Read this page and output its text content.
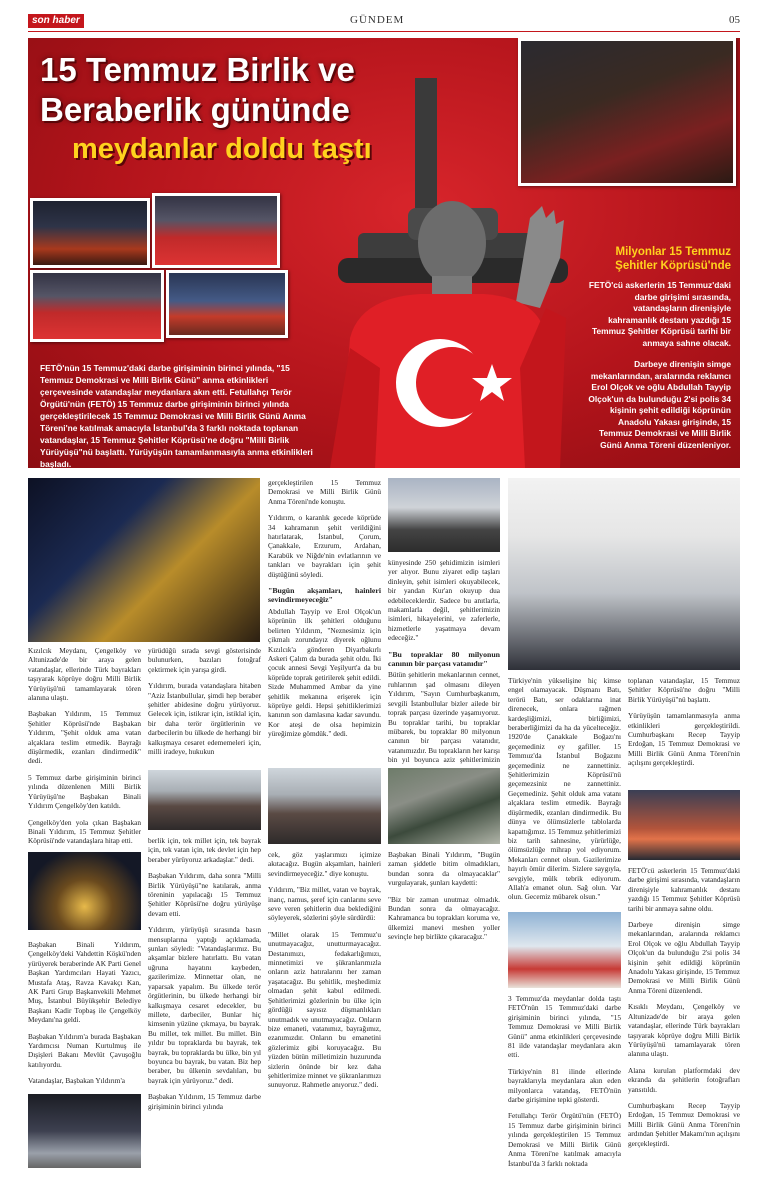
son haber	GÜNDEM	05
15 Temmuz Birlik ve
Beraberlik gününde
meydanlar doldu taştı
FETÖ'nün 15 Temmuz'daki darbe girişiminin birinci yılında, "15 Temmuz Demokrasi ve Milli Birlik Günü" anma etkinlikleri çerçevesinde vatandaşlar meydanlara akın etti. Fetullahçı Terör Örgütü'nün (FETÖ) 15 Temmuz darbe girişiminin birinci yılında gerçekleştirilecek 15 Temmuz Demokrasi ve Milli Birlik Günü Anma Töreni'ne katılmak amacıyla İstanbul'da 3 farklı noktada toplanan vatandaşlar, 15 Temmuz Şehitler Köprüsü'ne doğru "Milli Birlik Yürüyüşü"nü başlattı. Yürüyüşün tamamlanmasıyla anma etkinlikleri başladı.
Milyonlar 15 Temmuz Şehitler Köprüsü'nde

FETÖ'cü askerlerin 15 Temmuz'daki darbe girişimi sırasında, vatandaşların direnişiyle kahramanlık destanı yazdığı 15 Temmuz Şehitler Köprüsü tarihi bir anmaya sahne olacak.

Darbeye direnişin simge mekanlarından, aralarında reklamcı Erol Olçok ve oğlu Abdullah Tayyip Olçok'un da bulunduğu 2'si polis 34 kişinin şehit edildiği köprünün Anadolu Yakası girişinde, 15 Temmuz Demokrasi ve Milli Birlik Günü Anma Töreni düzenleniyor.

Kızılcık Meydanı, Çengelköy ve Altunizade'de bir araya gelen vatandaşlar, ellerinde Türk bayrakları taşıyarak köprüye doğru Milli Birlik Yürüyüşü'nü tamamlayarak tören alanına ulaştı.

Başbakan Yıldırım, 15 Temmuz Şehitler Köprüsü'nde Başbakan Yıldırım, "Şehit olduk ama vatan alçaklara teslim etmedik. Bayrağı düşürmedik, ezanları dindirmedik" dedi.

5 Temmuz darbe girişiminin birinci yılında düzenlenen Milli Birlik Yürüyüşü'ne Başbakan Binali Yıldırım Çengelköy'den katıldı.

Çengelköy'den yola çıkan Başbakan Binali Yıldırım, 15 Temmuz Şehitler Köprüsü'nde vatandaşlara hitap etti.

Başbakan Binali Yıldırım, Çengelköy'deki Vahdettin Köşkü'nden yürüyerek beraberinde AK Parti Genel Başkan Yardımcıları Hayati Yazıcı, Mustafa Ataş, Ravza Kavakçı Kan, AK Parti Grup Başkanvekili Mehmet Muş, İstanbul Büyükşehir Belediye Başkanı Kadir Topbaş ile Çengelköy Meydanı'na geldi.

Başbakan Yıldırım'a burada Başbakan Yardımcısı Numan Kurtulmuş ile Dışişleri Bakanı Mevlüt Çavuşoğlu katılıyordu.

Vatandaşlar, Başbakan Yıldırım'a

yürüdüğü sırada sevgi gösterisinde bulunurken, bazıları fotoğraf çektirmek için yarışa girdi.

Yıldırım, burada vatandaşlara hitaben "Aziz İstanbullular, şimdi hep beraber şehitler abidesine doğru yürüyoruz. Gelecek için, istikrar için, istiklal için, bir daha terör örgütlerinin ve darbecilerin bu ülkede de herhangi bir kalkışmaya cesaret edememeleri için, milli iradeye, hukukun

berlik için, tek millet için, tek bayrak için, tek vatan için, tek devlet için hep beraber yürüyoruz arkadaşlar." dedi.

Başbakan Yıldırım, daha sonra "Milli Birlik Yürüyüşü"ne katılarak, anma töreninin yapılacağı 15 Temmuz Şehitler Köprüsü'ne doğru yürüyüşe devam etti.

Yıldırım, yürüyüşü sırasında basın mensuplarına yaptığı açıklamada, şunları söyledi: "Vatandaşlarımız. Bu akşamlar bizlere hatırlattı. Bu vatan uğruna hayatını kaybeden, gazilerimize. Minnettar olan, ne yaparsak yapalım. Bu ülkede terör örgütlerinin, bu ülkede herhangi bir kalkışmaya cesaret edecekler, bu millete, darbeciler, Bunlar hiç kimsenin yüzüne çıkmaya, bu bayrak. Bu millet, tek millet. Bu millet. Bin yıldır bu topraklarda bu bayrak, tek bayrak, bu topraklarda bu ülke, bin yıl boyunca bu bayrak, bu vatan. Biz hep beraber, bu ülkenin sevdalıları, bu bayrak için yürüyoruz." dedi.

Başbakan Yıldırım, 15 Temmuz darbe girişiminin birinci yılında

gerçekleştirilen 15 Temmuz Demokrasi ve Milli Birlik Günü Anma Töreni'nde konuştu.

Yıldırım, o karanlık gecede köprüde 34 kahramanın şehit verildiğini hatırlatarak, İstanbul, Çorum, Çanakkale, Erzurum, Ardahan, Karabük ve Niğde'nin evlatlarının ve tankları ve bayrakları için şehit düştüğünü söyledi.

"Bugün akşamları, hainleri sevindirmeyeceğiz"

Abdullah Tayyip ve Erol Olçok'un köprünün ilk şehitleri olduğunu belirten Yıldırım, "Neznesimiz için çikmalı zorundayız diyerek oğlunu Kızılcık'a gönderen Diyarbakırlı Askeri Çalım da burada şehit oldu. İki çocuk annesi Sevgi Yeşilyurt'a da bu köprüde toprak getirilerek şehit edildi. Sizde Muhammed Ambar da yine şehitlik mekanına erişerek için köprüye geldi. Hepsi şehitliklerimizi kanının son damlasına kadar savundu. Kor ateşi de olsa hepimizin yüreğimize gömdük." dedi.

cek, göz yaşlarımızı içimize akıtacağız. Bugün akşamları, hainleri sevindirmeyeceğiz." diye konuştu.

Yıldırım, "Biz millet, vatan ve bayrak, inanç, namus, şeref için canlarını seve seve veren şehitlerin dua beklediğini söyleyerek, sözlerini şöyle sürdürdü:

"Millet olarak 15 Temmuz'u unutmayacağız, unutturmayacağız. Destanımızı, fedakarlığımızı, minnetimizi ve şükranlarımızla onların aziz hatıralarını her zaman yaşatacağız. Bu şehitlik, meşhedimiz olmadan şehit kabul edilmedi. Şehitlerimizi gözlerinin bu ülke için gördüğü sayısız düşmanlıkları unutmadık ve unutmayacağız. Onların bize emaneti, vatanımız, bayrağımız, ezanımızdır. Onların bu emanetini gözlerimiz gibi koruyacağız. Bu yüzden bütün milletimizin huzurunda sizlerin önünde bir kez daha şehitlerimize minnet ve şükranlarımızı sunuyoruz. Rahmetle anıyoruz." dedi.

künyesinde 250 şehidimizin isimleri yer alıyor. Bunu ziyaret edip taşları dinleyin, şehit isimleri okuyabilecek, bir yandan Kur'an okuyup dua edebileceklerdir. Sadece bu anıtlarla, makamlarla değil, şehitlerimizin isimleri, hikayelerini, ve zaferlerle, hizmetlerle yaşatmaya devam edeceğiz."

"Bu topraklar 80 milyonun canının bir parçası vatanıdır"

Bütün şehitlerin mekanlarının cennet, ruhlarının şad olmasını dileyen Yıldırım, "Sayın Cumhurbaşkanım, sevgili İstanbullular bizler ailede bir toprak parçası üzerinde yaşamıyoruz. Bu topraklar tarihi, bu topraklar mübarek, bu topraklar 80 milyonun canının bir parçası vatanıdır, vatanımızdır. Bu toprakların her karışı bin yıl boyunca aziz şehitlerimizin

Başbakan Binali Yıldırım, "Bugün zaman şiddetle bitim olmadıkları, bundan sonra da olmayacaklar" vurgulayarak, şunları kaydetti:

"Biz bir zaman unutmaz olmadık. Bundan sonra da olmayacağız. Kahramanca bu toprakları koruma ve, ülkemizi manevi meshen yoller sevinçle hep birlikte çıkaracağız."

Türkiye'nin yükselişine hiç kimse engel olamayacak. Düşmanı Batı, terörü Batı, ser odaklarına inat direnecek, onlara rağmen kardeşliğimizi, birliğimizi, beraberliğimizi da ha da yücelteceğiz. 1920'de Çanakkale Boğazı'nı geçemediniz ey gafiller. 15 Temmuz'da İstanbul Boğazını geçemediniz ne zannettiniz. Şehitlerimizin Köprüsü'nü geçemezsiniz ne zannettiniz. Geçemediniz. Şehit olduk ama vatanı alçaklara teslim etmedik. Bayrağı düşürmedik, ezanları dindirmedik. Bu dünya ve ölümsüzlerle tablolarda kapattığımız. 15 Temmuz şehitlerimizi biz tarih sahnesine, yürürlüğe, ölümsüzlüğe mihrap yol ediyorum. Mekanları cennet olsun. Gazilerimize hayırlı ömür dilerim. Sizlere saygıyla, sevgiyle, mülk tebrik ediyorum. Allah'a emanet olun. Sağ olun. Var olun. Gecemiz mübarek olsun."

3 Temmuz'da meydanlar dolda taştı FETÖ'nün 15 Temmuz'daki darbe girişiminin birinci yılında, "15 Temmuz Demokrasi ve Milli Birlik Günü" anma etkinlikleri çerçevesinde 81 ilde vatandaşlar meydanlara akın etti.

Türkiye'nin 81 ilinde ellerinde bayraklarıyla meydanlara akın eden milyonlarca vatandaş, FETÖ'nün darbe girişimine tepki gösterdi.

Fetullahçı Terör Örgütü'nün (FETÖ) 15 Temmuz darbe girişiminin birinci yılında gerçekleştirilen 15 Temmuz Demokrasi ve Milli Birlik Günü Anma Töreni'ne katılmak amacıyla İstanbul'da 3 farklı noktada

toplanan vatandaşlar, 15 Temmuz Şehitler Köprüsü'ne doğru "Milli Birlik Yürüyüşü"nü başlattı.

Yürüyüşün tamamlanmasıyla anma etkinlikleri gerçekleştirildi. Cumhurbaşkanı Recep Tayyip Erdoğan, 15 Temmuz Demokrasi ve Milli Birlik Günü Anma Töreni'nin açılışını gerçekleştirdi.

FETÖ'cü askerlerin 15 Temmuz'daki darbe girişimi sırasında, vatandaşların direnişiyle kahramanlık destanı yazdığı 15 Temmuz Şehitler Köprüsü tarihi bir anmaya sahne oldu.

Darbeye direnişin simge mekanlarından, aralarında reklamcı Erol Olçok ve oğlu Abdullah Tayyip Olçok'un da bulunduğu 2'si polis 34 kişinin şehit edildiği köprünün Anadolu Yakası girişinde, 15 Temmuz Demokrasi ve Milli Birlik Günü Anma Töreni düzenlendi.

Kısıklı Meydanı, Çengelköy ve Altunizade'de bir araya gelen vatandaşlar, ellerinde Türk bayrakları taşıyarak köprüye doğru Milli Birlik Yürüyüşü'nü tamamlayarak tören alanına ulaştı.

Alana kurulan platformdaki dev ekranda da şehitlerin fotoğrafları yansıtıldı.

Cumhurbaşkanı Recep Tayyip Erdoğan, 15 Temmuz Demokrasi ve Milli Birlik Günü Anma Töreni'nin ardından Şehitler Makamı'nın açılışını gerçekleştirdi.
